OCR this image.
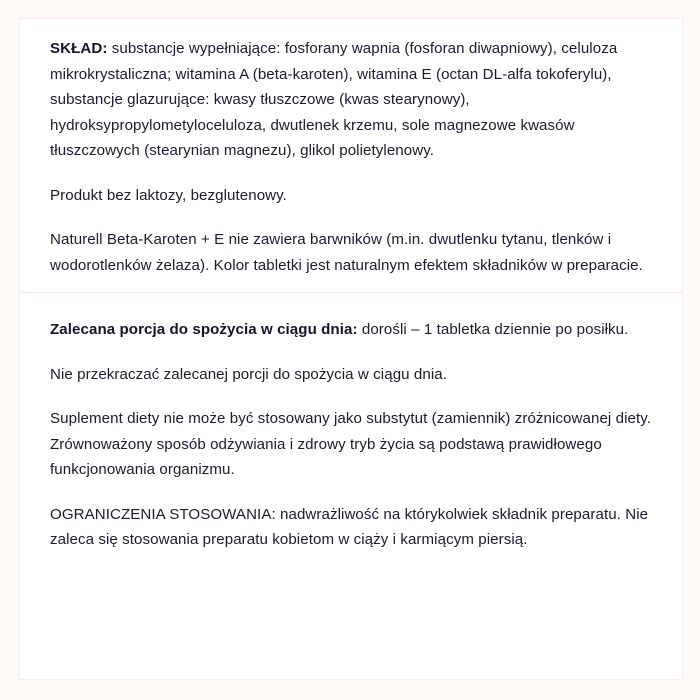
SKŁAD: substancje wypełniające: fosforany wapnia (fosforan diwapniowy), celuloza mikrokrystaliczna; witamina A (beta-karoten), witamina E (octan DL-alfa tokoferylu), substancje glazurujące: kwasy tłuszczowe (kwas stearynowy), hydroksypropylometyloceluloza, dwutlenek krzemu, sole magnezowe kwasów tłuszczowych (stearynian magnezu), glikol polietylenowy.

Produkt bez laktozy, bezglutenowy.

Naturell Beta-Karoten + E nie zawiera barwników (m.in. dwutlenku tytanu, tlenków i wodorotlenków żelaza). Kolor tabletki jest naturalnym efektem składników w preparacie.

Zalecana porcja do spożycia w ciągu dnia: dorośli – 1 tabletka dziennie po posiłku.

Nie przekraczać zalecanej porcji do spożycia w ciągu dnia.

Suplement diety nie może być stosowany jako substytut (zamiennik) zróżnicowanej diety. Zrównoważony sposób odżywiania i zdrowy tryb życia są podstawą prawidłowego funkcjonowania organizmu.

OGRANICZENIA STOSOWANIA: nadwrażliwość na którykolwiek składnik preparatu. Nie zaleca się stosowania preparatu kobietom w ciąży i karmiącym piersią.
